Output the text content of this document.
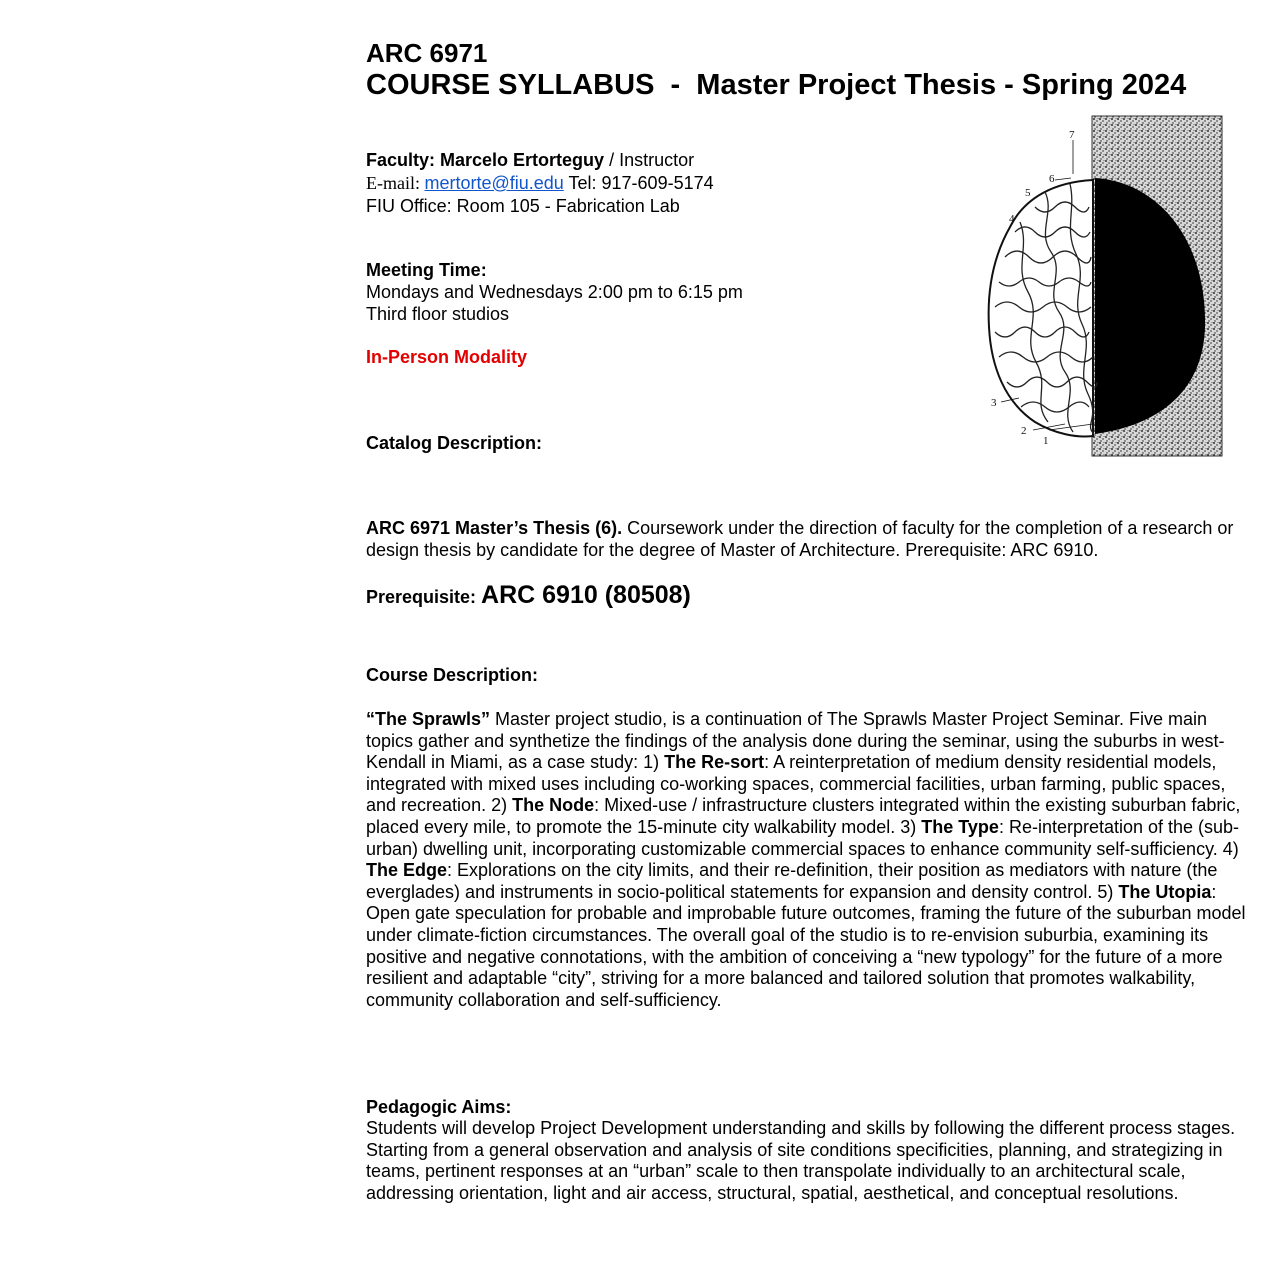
ARC 6971
COURSE SYLLABUS  -  Master Project Thesis - Spring 2024
Faculty: Marcelo Ertorteguy / Instructor
E-mail: mertorte@fiu.edu Tel: 917-609-5174
FIU Office: Room 105 - Fabrication Lab
Meeting Time:
Mondays and Wednesdays 2:00 pm to 6:15 pm
Third floor studios
In-Person Modality
Catalog Description:
ARC 6971 Master’s Thesis (6). Coursework under the direction of faculty for the completion of a research or design thesis by candidate for the degree of Master of Architecture. Prerequisite: ARC 6910.
Prerequisite: ARC 6910 (80508)
Course Description:
“The Sprawls” Master project studio, is a continuation of The Sprawls Master Project Seminar. Five main topics gather and synthetize the findings of the analysis done during the seminar, using the suburbs in west-Kendall in Miami, as a case study: 1) The Re-sort: A reinterpretation of medium density residential models, integrated with mixed uses including co-working spaces, commercial facilities, urban farming, public spaces, and recreation. 2) The Node: Mixed-use / infrastructure clusters integrated within the existing suburban fabric, placed every mile, to promote the 15-minute city walkability model. 3) The Type: Re-interpretation of the (sub-urban) dwelling unit, incorporating customizable commercial spaces to enhance community self-sufficiency. 4) The Edge: Explorations on the city limits, and their re-definition, their position as mediators with nature (the everglades) and instruments in socio-political statements for expansion and density control. 5) The Utopia: Open gate speculation for probable and improbable future outcomes, framing the future of the suburban model under climate-fiction circumstances. The overall goal of the studio is to re-envision suburbia, examining its positive and negative connotations, with the ambition of conceiving a “new typology” for the future of a more resilient and adaptable “city”, striving for a more balanced and tailored solution that promotes walkability, community collaboration and self-sufficiency.
Pedagogic Aims:
Students will develop Project Development understanding and skills by following the different process stages. Starting from a general observation and analysis of site conditions specificities, planning, and strategizing in teams, pertinent responses at an “urban” scale to then transpolate individually to an architectural scale, addressing orientation, light and air access, structural, spatial, aesthetical, and conceptual resolutions.
7
6
5
4
3
2
1
